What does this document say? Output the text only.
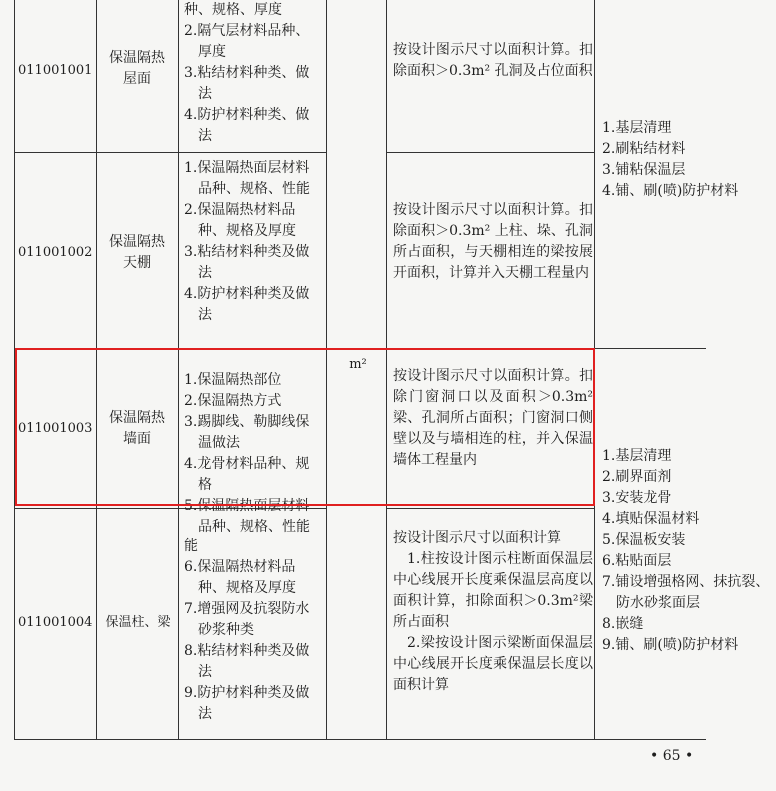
011001001
保温隔热屋面
种、规格、厚度
2.隔气层材料品种、厚度
3.粘结材料种类、做法
4.防护材料种类、做法
按设计图示尺寸以面积计算。扣除面积＞0.3m² 孔洞及占位面积
011001002
保温隔热天棚
1.保温隔热面层材料品种、规格、性能
2.保温隔热材料品种、规格及厚度
3.粘结材料种类及做法
4.防护材料种类及做法
按设计图示尺寸以面积计算。扣除面积＞0.3m² 上柱、垛、孔洞所占面积，与天棚相连的梁按展开面积，计算并入天棚工程量内
011001003
保温隔热墙面
1.保温隔热部位
2.保温隔热方式
3.踢脚线、勒脚线保温做法
4.龙骨材料品种、规格
5.保温隔热面层材料品种、规格、性能
m²
按设计图示尺寸以面积计算。扣除门窗洞口以及面积＞0.3m²梁、孔洞所占面积；门窗洞口侧壁以及与墙相连的柱，并入保温墙体工程量内
011001004	保温柱、梁
能
6.保温隔热材料品种、规格及厚度
7.增强网及抗裂防水砂浆种类
8.粘结材料种类及做法
9.防护材料种类及做法

按设计图示尺寸以面积计算

1.柱按设计图示柱断面保温层中心线展开长度乘保温层高度以面积计算，扣除面积＞0.3m²梁所占面积

2.梁按设计图示梁断面保温层中心线展开长度乘保温层长度以面积计算

1.基层清理
2.刷粘结材料
3.铺粘保温层
4.铺、刷(喷)防护材料
1.基层清理
2.刷界面剂
3.安装龙骨
4.填贴保温材料
5.保温板安装
6.粘贴面层
7.铺设增强格网、抹抗裂、防水砂浆面层
8.嵌缝
9.铺、刷(喷)防护材料
• 65 •
